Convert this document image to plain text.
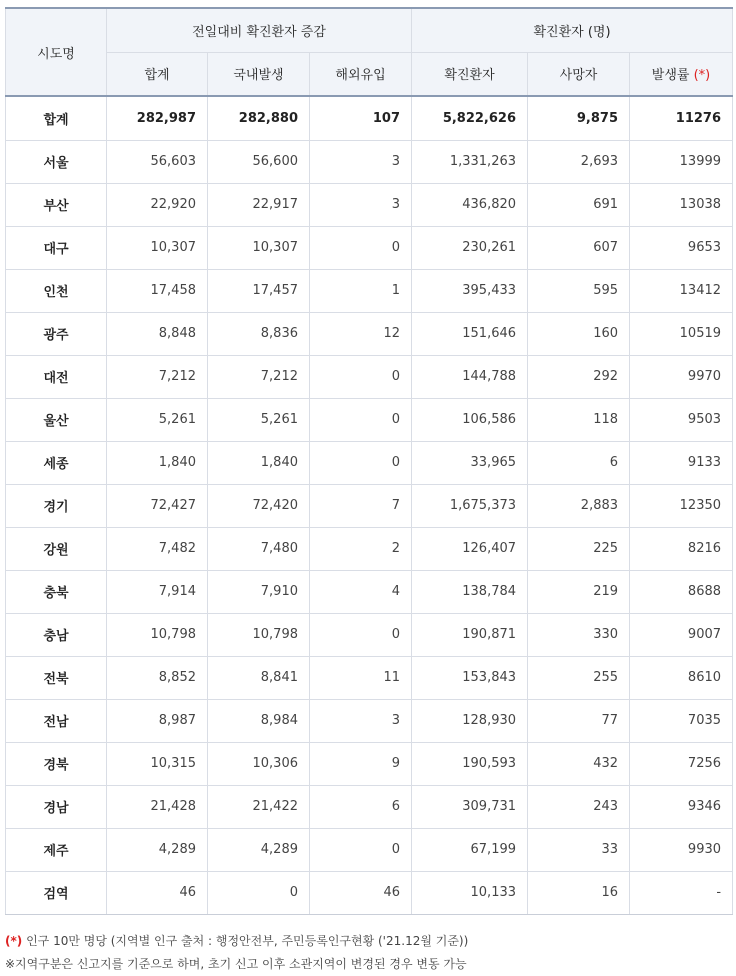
시도명	전일대비 확진환자 증감			확진환자 (명)		
	합계	국내발생	해외유입	확진환자	사망자	발생률 (*)
합계	282,987	282,880	107	5,822,626	9,875	11276
서울	56,603	56,600	3	1,331,263	2,693	13999
부산	22,920	22,917	3	436,820	691	13038
대구	10,307	10,307	0	230,261	607	9653
인천	17,458	17,457	1	395,433	595	13412
광주	8,848	8,836	12	151,646	160	10519
대전	7,212	7,212	0	144,788	292	9970
울산	5,261	5,261	0	106,586	118	9503
세종	1,840	1,840	0	33,965	6	9133
경기	72,427	72,420	7	1,675,373	2,883	12350
강원	7,482	7,480	2	126,407	225	8216
충북	7,914	7,910	4	138,784	219	8688
충남	10,798	10,798	0	190,871	330	9007
전북	8,852	8,841	11	153,843	255	8610
전남	8,987	8,984	3	128,930	77	7035
경북	10,315	10,306	9	190,593	432	7256
경남	21,428	21,422	6	309,731	243	9346
제주	4,289	4,289	0	67,199	33	9930
검역	46	0	46	10,133	16	-
(*) 인구 10만 명당 (지역별 인구 출처 : 행정안전부, 주민등록인구현황 ('21.12월 기준))
※지역구분은 신고지를 기준으로 하며, 초기 신고 이후 소관지역이 변경된 경우 변동 가능
